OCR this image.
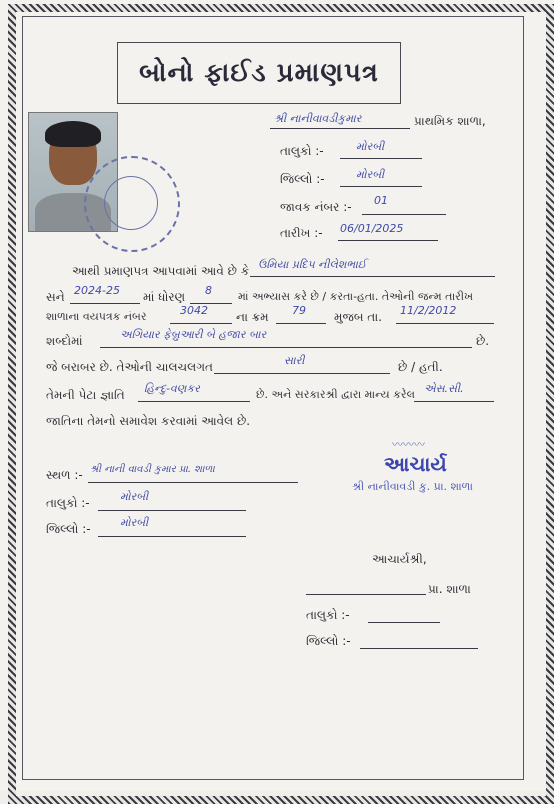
બોનો ફાઈડ પ્રમાણપત્ર
શ્રી નાનીવાવડીકુમાર	પ્રાથમિક શાળા,
તાલુકો :-	મોરબી
જિલ્લો :-	મોરબી
જાવક નંબર :- 01
તારીખ :- 06/01/2025
આથી પ્રમાણપત્ર આપવામાં આવે છે કે ઉમિયા પ્રદિપ નીલેશભાઈ
સને 2024-25 માં ધોરણ 8 માં અભ્યાસ કરે છે / કરતા-હતા. તેઓની જન્મ તારીખ
શાળાના વયપત્રક નંબર	3042 ના ક્રમ 79 મુજબ તા. 11/2/2012
શબ્દોમાં	અગિયાર ફેબ્રુઆરી બે હજાર બાર	છે.
જે બરાબર છે. તેઓની ચાલચલગત	સારી	છે / હતી.
તેમની પેટા જ્ઞાતિ હિન્દુ-વણકર	છે. અને સરકારશ્રી દ્વારા માન્ય કરેલ એસ.સી.
જાતિના તેમનો સમાવેશ કરવામાં આવેલ છે.
〰〰〰
આચાર્ય
શ્રી નાનીવાવડી કુ. પ્રા. શાળા
સ્થળ :- શ્રી નાની વાવડી કુમાર પ્રા. શાળા
તાલુકો :-	મોરબી
જિલ્લો :-	મોરબી
આચાર્યશ્રી,
પ્રા. શાળા
તાલુકો :-
જિલ્લો :-
